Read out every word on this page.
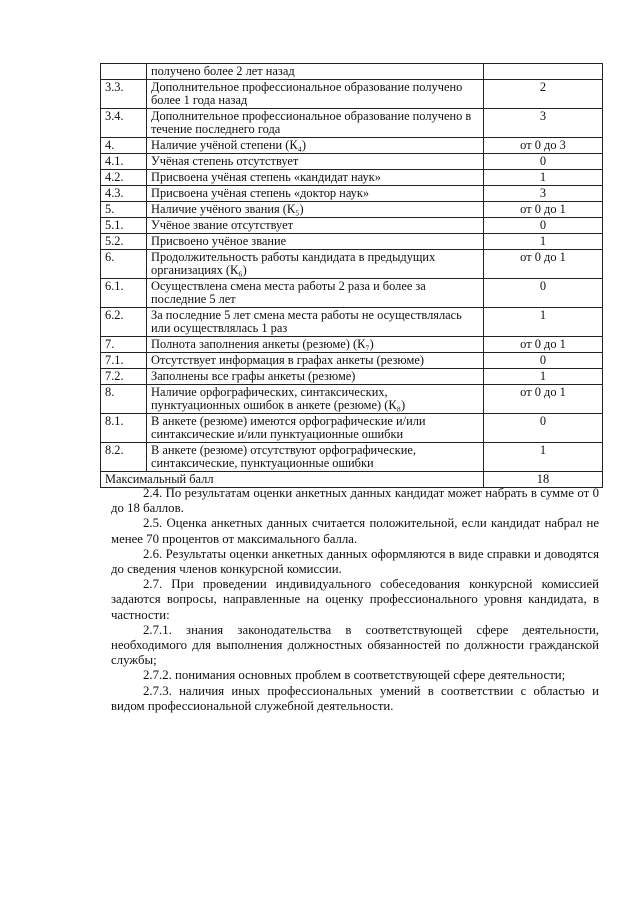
	получено более 2 лет назад	
3.3.	Дополнительное профессиональное образование получено более 1 года назад	2
3.4.	Дополнительное профессиональное образование получено в течение последнего года	3
4.	Наличие учёной степени (К₄)	от 0 до 3
4.1.	Учёная степень отсутствует	0
4.2.	Присвоена учёная степень «кандидат наук»	1
4.3.	Присвоена учёная степень «доктор наук»	3
5.	Наличие учёного звания (К₅)	от 0 до 1
5.1.	Учёное звание отсутствует	0
5.2.	Присвоено учёное звание	1
6.	Продолжительность работы кандидата в предыдущих организациях (К₆)	от 0 до 1
6.1.	Осуществлена смена места работы 2 раза и более за последние 5 лет	0
6.2.	За последние 5 лет смена места работы не осуществлялась или осуществлялась 1 раз	1
7.	Полнота заполнения анкеты (резюме) (К₇)	от 0 до 1
7.1.	Отсутствует информация в графах анкеты (резюме)	0
7.2.	Заполнены все графы анкеты (резюме)	1
8.	Наличие орфографических, синтаксических, пунктуационных ошибок в анкете (резюме) (К₈)	от 0 до 1
8.1.	В анкете (резюме) имеются орфографические и/или синтаксические и/или пунктуационные ошибки	0
8.2.	В анкете (резюме) отсутствуют орфографические, синтаксические, пунктуационные ошибки	1
Максимальный балл		18

2.4. По результатам оценки анкетных данных кандидат может набрать в сумме от 0 до 18 баллов.

2.5. Оценка анкетных данных считается положительной, если кандидат набрал не менее 70 процентов от максимального балла.

2.6. Результаты оценки анкетных данных оформляются в виде справки и доводятся до сведения членов конкурсной комиссии.

2.7. При проведении индивидуального собеседования конкурсной комиссией задаются вопросы, направленные на оценку профессионального уровня кандидата, в частности:

2.7.1. знания законодательства в соответствующей сфере деятельности, необходимого для выполнения должностных обязанностей по должности гражданской службы;

2.7.2. понимания основных проблем в соответствующей сфере деятельности;

2.7.3. наличия иных профессиональных умений в соответствии с областью и видом профессиональной служебной деятельности.
